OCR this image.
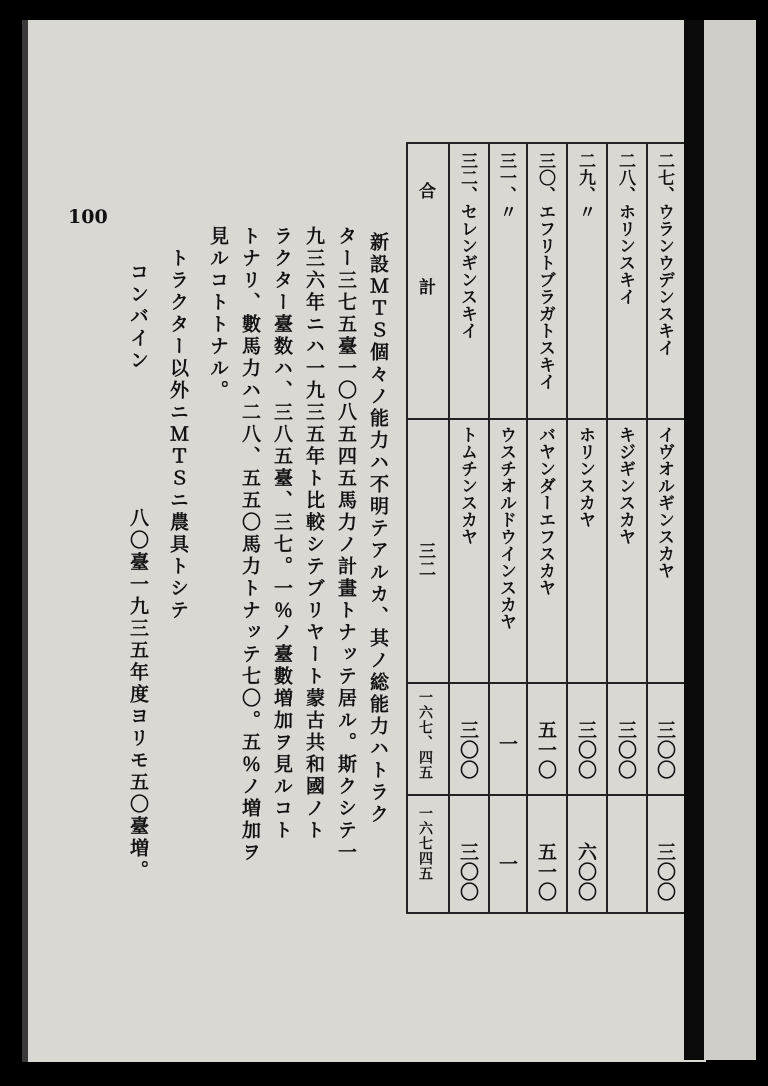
100
合
計
三二
一六七、四五
一六七四五
三二、セレンギンスキイ
トムチンスカヤ
三〇〇
三〇〇
三一、〃
ウスチオルドウインスカヤ
一
一
三〇、エフリトブラガトスキイ
バヤンダーエフスカヤ
五一〇
五一〇
二九、〃
ホリンスカヤ
三〇〇
六〇〇
二八、ホリンスキイ
キジギンスカヤ
三〇〇
二七、ウランウデンスキイ
イヴオルギンスカヤ
三〇〇
三〇〇
新設ＭＴＳ個々ノ能力ハ不明テアルカ、其ノ総能力ハトラク
ター三七五臺一〇八五四五馬力ノ計畫トナッテ居ル。斯クシテ一
九三六年ニハ一九三五年ト比較シテブリヤート蒙古共和國ノト
ラクター臺数ハ、三八五臺、三七。一％ノ臺數増加ヲ見ルコト
トナリ、數馬力ハ二八、五五〇馬力トナッテ七〇。五％ノ増加ヲ
見ルコトトナル。
トラクター以外ニＭＴＳニ農具トシテ
コンバイン
八〇臺一九三五年度ヨリモ五〇臺増。
